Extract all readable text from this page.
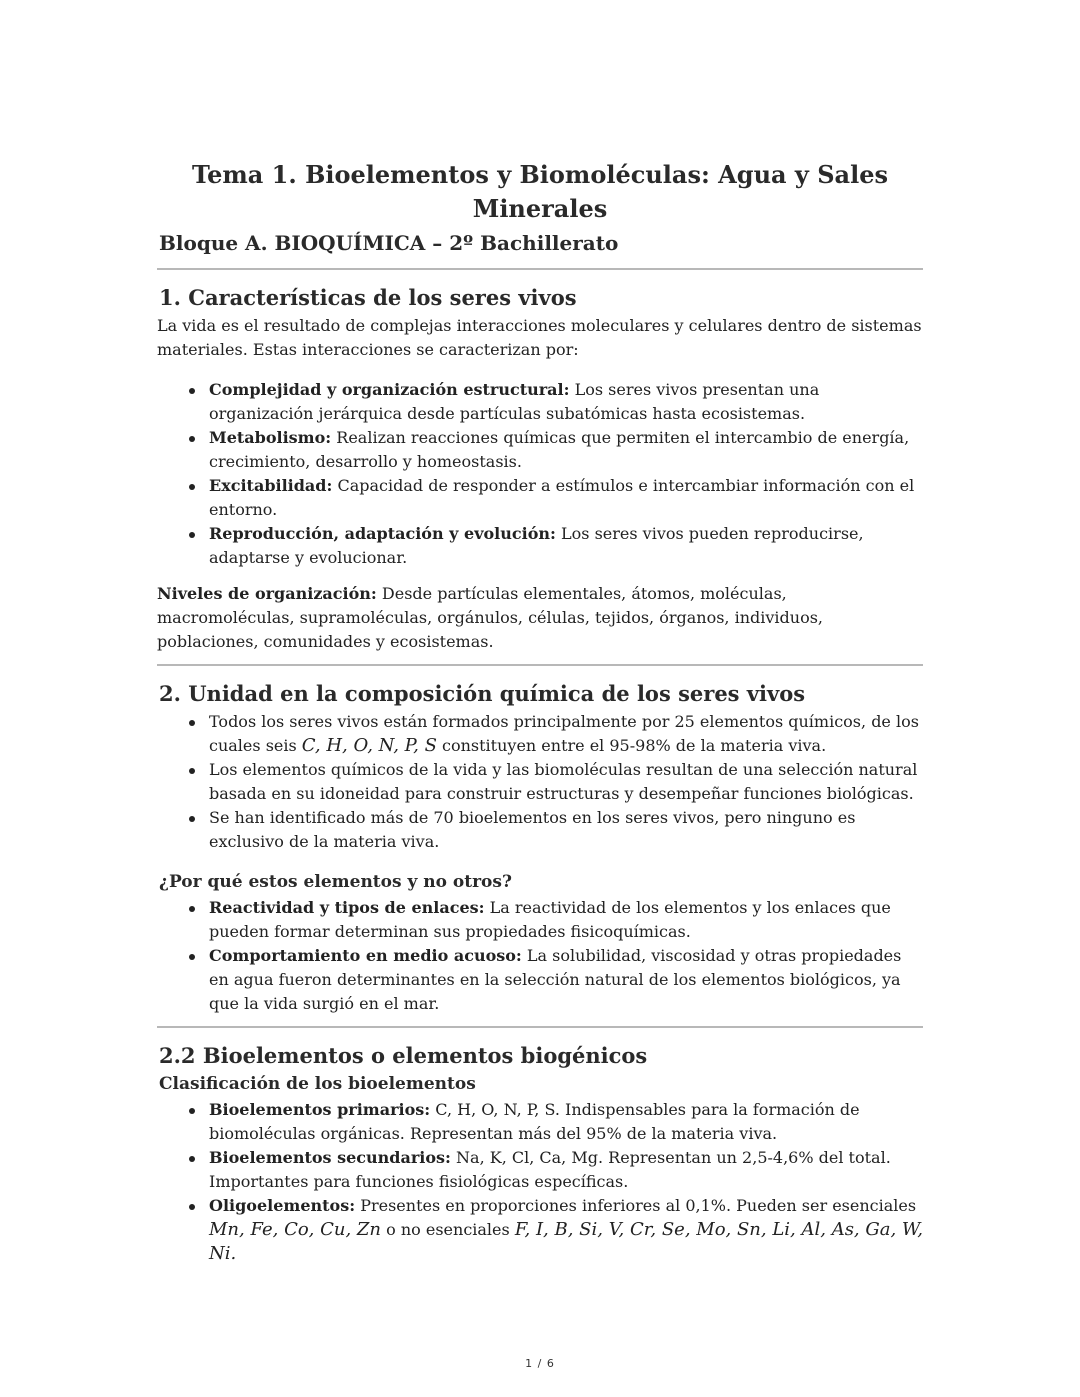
Tema 1. Bioelementos y Biomoléculas: Agua y Sales Minerales
Bloque A. BIOQUÍMICA – 2º Bachillerato
1. Características de los seres vivos

La vida es el resultado de complejas interacciones moleculares y celulares dentro de sistemas materiales. Estas interacciones se caracterizan por:

Complejidad y organización estructural: Los seres vivos presentan una organización jerárquica desde partículas subatómicas hasta ecosistemas.
Metabolismo: Realizan reacciones químicas que permiten el intercambio de energía, crecimiento, desarrollo y homeostasis.
Excitabilidad: Capacidad de responder a estímulos e intercambiar información con el entorno.
Reproducción, adaptación y evolución: Los seres vivos pueden reproducirse, adaptarse y evolucionar.

Niveles de organización: Desde partículas elementales, átomos, moléculas, macromoléculas, supramoléculas, orgánulos, células, tejidos, órganos, individuos, poblaciones, comunidades y ecosistemas.

2. Unidad en la composición química de los seres vivos
Todos los seres vivos están formados principalmente por 25 elementos químicos, de los cuales seis C, H, O, N, P, S constituyen entre el 95-98% de la materia viva.
Los elementos químicos de la vida y las biomoléculas resultan de una selección natural basada en su idoneidad para construir estructuras y desempeñar funciones biológicas.
Se han identificado más de 70 bioelementos en los seres vivos, pero ninguno es exclusivo de la materia viva.
¿Por qué estos elementos y no otros?
Reactividad y tipos de enlaces: La reactividad de los elementos y los enlaces que pueden formar determinan sus propiedades fisicoquímicas.
Comportamiento en medio acuoso: La solubilidad, viscosidad y otras propiedades en agua fueron determinantes en la selección natural de los elementos biológicos, ya que la vida surgió en el mar.
2.2 Bioelementos o elementos biogénicos
Clasificación de los bioelementos
Bioelementos primarios: C, H, O, N, P, S. Indispensables para la formación de biomoléculas orgánicas. Representan más del 95% de la materia viva.
Bioelementos secundarios: Na, K, Cl, Ca, Mg. Representan un 2,5-4,6% del total. Importantes para funciones fisiológicas específicas.
Oligoelementos: Presentes en proporciones inferiores al 0,1%. Pueden ser esenciales Mn, Fe, Co, Cu, Zn o no esenciales F, I, B, Si, V, Cr, Se, Mo, Sn, Li, Al, As, Ga, W, Ni.
1 / 6
